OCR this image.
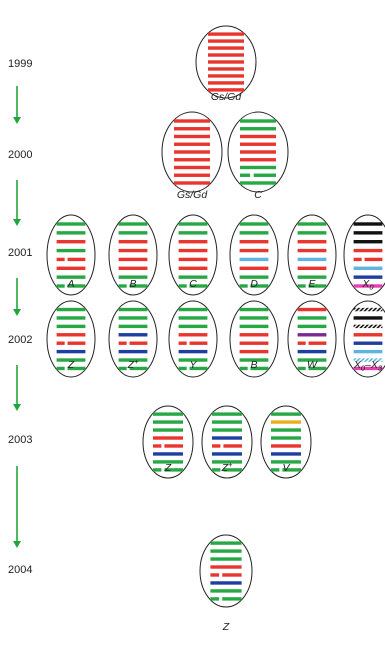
1999
2000
2001
2002
2003
2004
Gs/Gd
Gs/Gd	C
A	B	C	D	E	$X_0$
Z	Z+	Y	B	W	$X_0-X_3$
Z	Z+	V
Z
